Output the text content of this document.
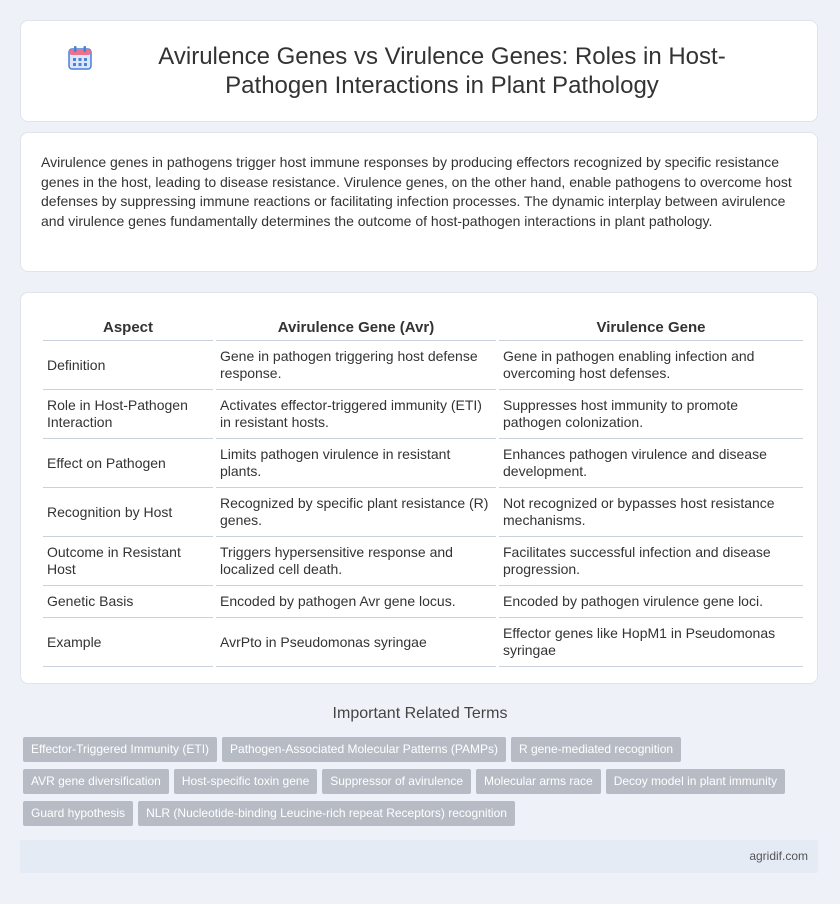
Avirulence Genes vs Virulence Genes: Roles in Host-Pathogen Interactions in Plant Pathology

Avirulence genes in pathogens trigger host immune responses by producing effectors recognized by specific resistance genes in the host, leading to disease resistance. Virulence genes, on the other hand, enable pathogens to overcome host defenses by suppressing immune reactions or facilitating infection processes. The dynamic interplay between avirulence and virulence genes fundamentally determines the outcome of host-pathogen interactions in plant pathology.

Aspect	Avirulence Gene (Avr)	Virulence Gene
Definition	Gene in pathogen triggering host defense response.	Gene in pathogen enabling infection and overcoming host defenses.
Role in Host-Pathogen Interaction	Activates effector-triggered immunity (ETI) in resistant hosts.	Suppresses host immunity to promote pathogen colonization.
Effect on Pathogen	Limits pathogen virulence in resistant plants.	Enhances pathogen virulence and disease development.
Recognition by Host	Recognized by specific plant resistance (R) genes.	Not recognized or bypasses host resistance mechanisms.
Outcome in Resistant Host	Triggers hypersensitive response and localized cell death.	Facilitates successful infection and disease progression.
Genetic Basis	Encoded by pathogen Avr gene locus.	Encoded by pathogen virulence gene loci.
Example	AvrPto in Pseudomonas syringae	Effector genes like HopM1 in Pseudomonas syringae
Important Related Terms
Effector-Triggered Immunity (ETI) Pathogen-Associated Molecular Patterns (PAMPs) R gene-mediated recognition
AVR gene diversification Host-specific toxin gene Suppressor of avirulence Molecular arms race Decoy model in plant immunity
Guard hypothesis NLR (Nucleotide-binding Leucine-rich repeat Receptors) recognition
agridif.com
